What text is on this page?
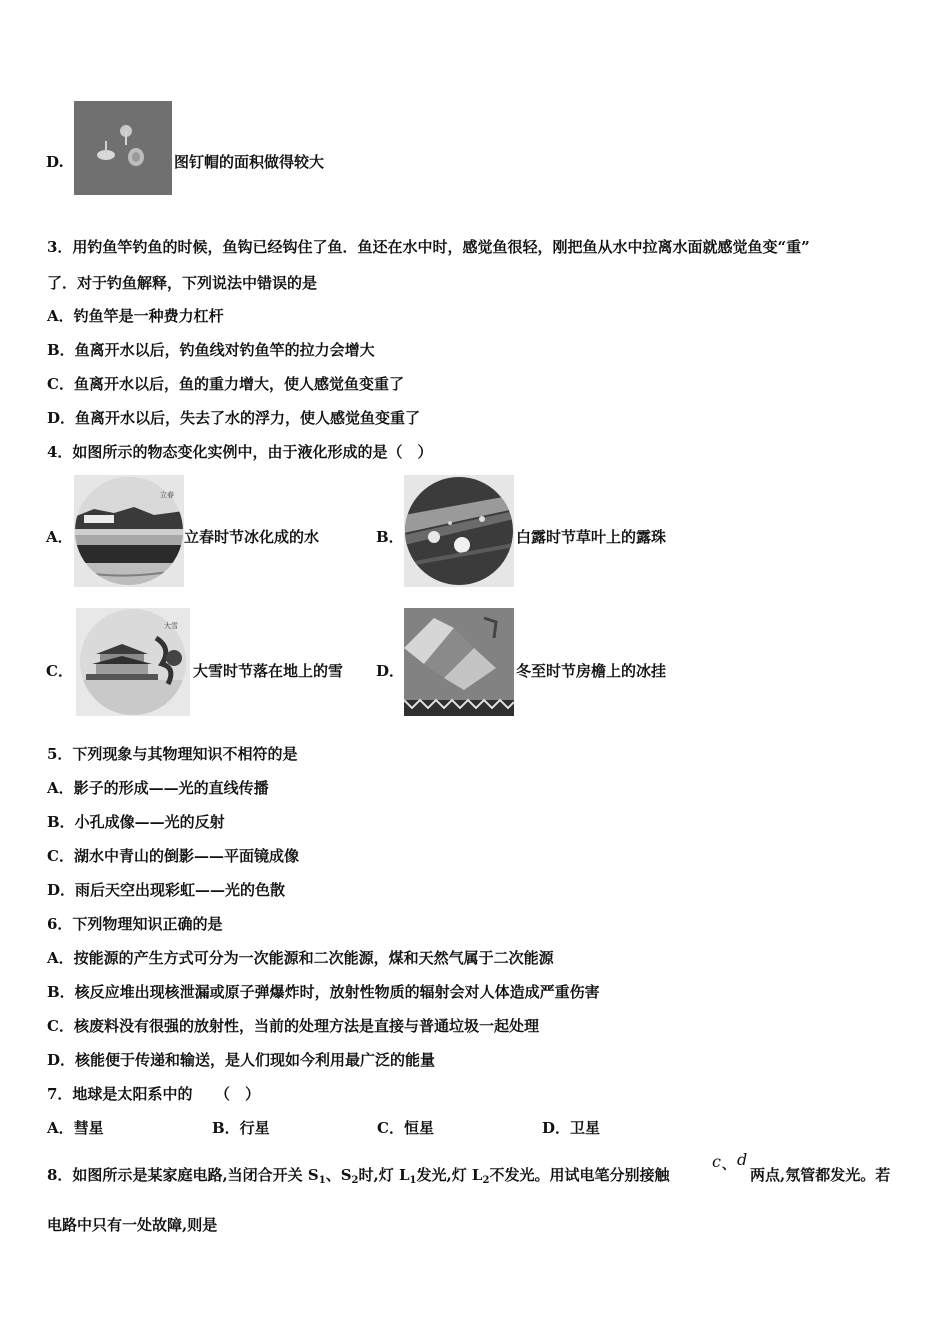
D.	图钉帽的面积做得较大
3．用钓鱼竿钓鱼的时候，鱼钩已经钩住了鱼．鱼还在水中时，感觉鱼很轻，刚把鱼从水中拉离水面就感觉鱼变“重”
了．对于钓鱼解释，下列说法中错误的是
A．钓鱼竿是一种费力杠杆
B．鱼离开水以后，钓鱼线对钓鱼竿的拉力会增大
C．鱼离开水以后，鱼的重力增大，使人感觉鱼变重了
D．鱼离开水以后，失去了水的浮力，使人感觉鱼变重了
4．如图所示的物态变化实例中，由于液化形成的是（　）
A．
立春
立春时节冰化成的水	B．	白露时节草叶上的露珠
C．
大雪
大雪时节落在地上的雪 D．	冬至时节房檐上的冰挂
5．下列现象与其物理知识不相符的是
A．影子的形成——光的直线传播
B．小孔成像——光的反射
C．湖水中青山的倒影——平面镜成像
D．雨后天空出现彩虹——光的色散
6．下列物理知识正确的是
A．按能源的产生方式可分为一次能源和二次能源，煤和天然气属于二次能源
B．核反应堆出现核泄漏或原子弹爆炸时，放射性物质的辐射会对人体造成严重伤害
C．核废料没有很强的放射性，当前的处理方法是直接与普通垃圾一起处理
D．核能便于传递和输送，是人们现如今利用最广泛的能量
7．地球是太阳系中的　　（　）
A．彗星	B．行星	C．恒星	D．卫星
8．如图所示是某家庭电路,当闭合开关 $S_1$、$S_2$时,灯 $L_1$发光,灯 $L_2$不发光。用试电笔分别接触
c 、 d
两点,氖管都发光。若
电路中只有一处故障,则是
